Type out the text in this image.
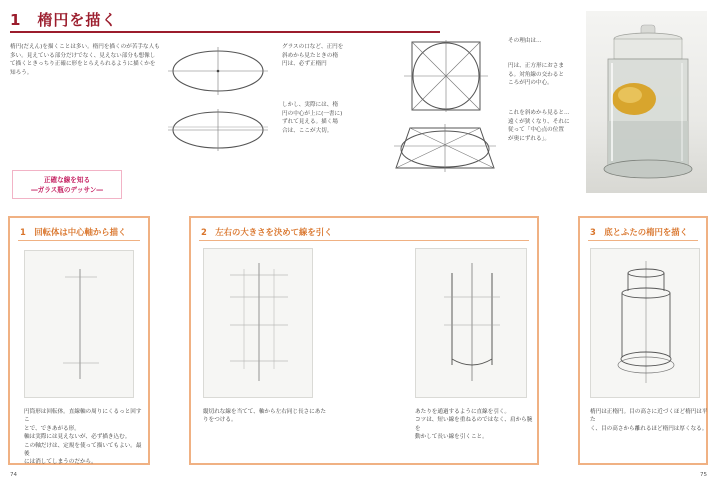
1　楕円を描く
楕円(だえん)を描くことは多い。楕円を描くのが苦手な人も
多い。見えている部分だけでなく、見えない部分も想像し
て描くときっちり正確に形をとらえられるように描くかを知ろう。
グラスの口など、正円を
斜めから見たときの楕
円は、必ず正楕円
しかし、実際には、楕
円の中心が上に(一書に)
ずれて見える。描く場
合は、ここが大切。
その理由は…
円は、正方形におさま
る。対角線の交わると
ころが円の中心。
これを斜めから見ると…
遠くが狭くなり、それに
従って「中心点の位置
が奥にずれる」。
正確な線を知る
―ガラス瓶のデッサン―
1　回転体は中心軸から描く
円筒形は回転体。直線軸の周りにくるっと回すこ
とで、できあがる形。
軸は実際には見えないが、必ず描き込む。
この軸だけは、定規を使って描いてもよい。最後
には消してしまうのだから。
2　左右の大きさを決めて線を引く
縦切れな線を当てて、軸から左右同じ長さにあた
りをつける。
あたりを通過するように直線を引く。
コツは、短い線を重ねるのではなく、肩から腕を
動かして長い線を引くこと。
3　底とふたの楕円を描く
楕円は正楕円。目の高さに近づくほど楕円は平た
く、目の高さから離れるほど楕円は厚くなる。
74	75
